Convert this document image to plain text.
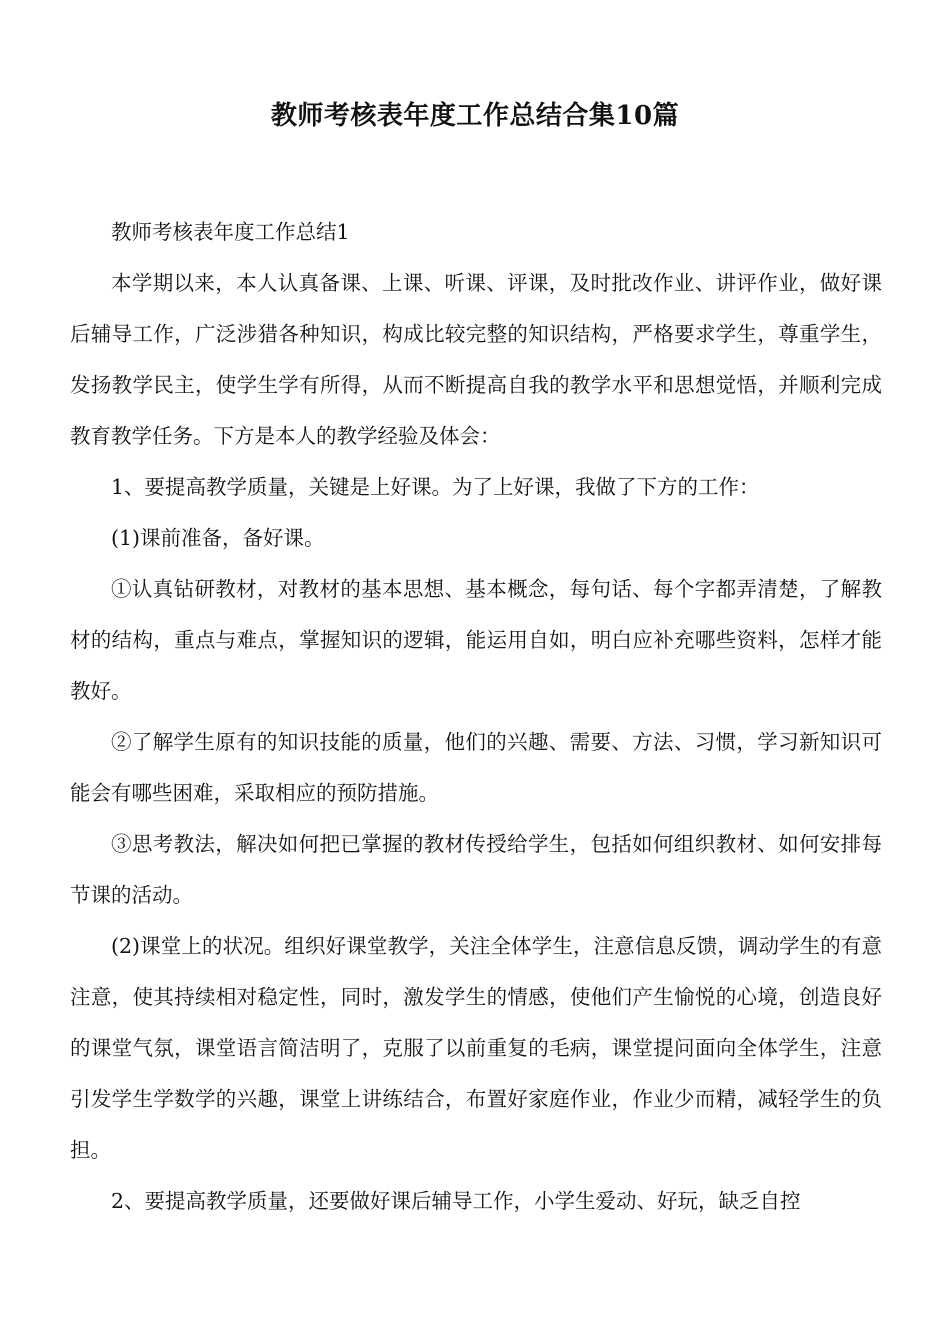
教师考核表年度工作总结合集10篇

教师考核表年度工作总结1

本学期以来，本人认真备课、上课、听课、评课，及时批改作业、讲评作业，做好课后辅导工作，广泛涉猎各种知识，构成比较完整的知识结构，严格要求学生，尊重学生，发扬教学民主，使学生学有所得，从而不断提高自我的教学水平和思想觉悟，并顺利完成教育教学任务。下方是本人的教学经验及体会：

1、要提高教学质量，关键是上好课。为了上好课，我做了下方的工作：

(1)课前准备，备好课。

①认真钻研教材，对教材的基本思想、基本概念，每句话、每个字都弄清楚，了解教材的结构，重点与难点，掌握知识的逻辑，能运用自如，明白应补充哪些资料，怎样才能教好。

②了解学生原有的知识技能的质量，他们的兴趣、需要、方法、习惯，学习新知识可能会有哪些困难，采取相应的预防措施。

③思考教法，解决如何把已掌握的教材传授给学生，包括如何组织教材、如何安排每节课的活动。

(2)课堂上的状况。组织好课堂教学，关注全体学生，注意信息反馈，调动学生的有意注意，使其持续相对稳定性，同时，激发学生的情感，使他们产生愉悦的心境，创造良好的课堂气氛，课堂语言简洁明了，克服了以前重复的毛病，课堂提问面向全体学生，注意引发学生学数学的兴趣，课堂上讲练结合，布置好家庭作业，作业少而精，减轻学生的负担。

2、要提高教学质量，还要做好课后辅导工作，小学生爱动、好玩，缺乏自控
